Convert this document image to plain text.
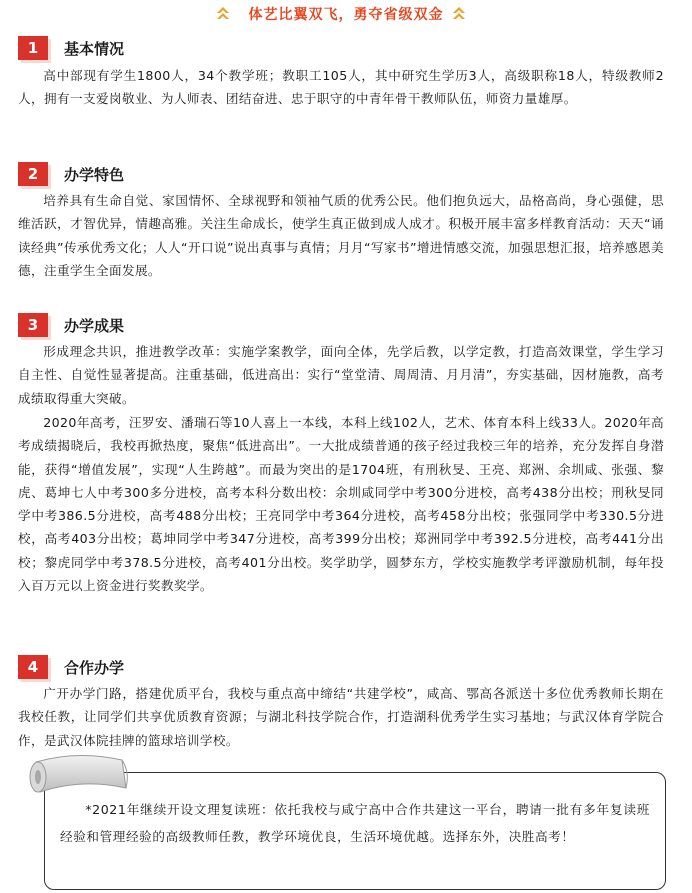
体艺比翼双飞，勇夺省级双金
1	基本情况
高中部现有学生1800人，34个教学班；教职工105人，其中研究生学历3人，高级职称18人，特级教师2人，拥有一支爱岗敬业、为人师表、团结奋进、忠于职守的中青年骨干教师队伍，师资力量雄厚。
2	办学特色
培养具有生命自觉、家国情怀、全球视野和领袖气质的优秀公民。他们抱负远大，品格高尚，身心强健，思维活跃，才智优异，情趣高雅。关注生命成长，使学生真正做到成人成才。积极开展丰富多样教育活动：天天“诵读经典”传承优秀文化；人人“开口说”说出真事与真情；月月“写家书”增进情感交流，加强思想汇报，培养感恩美德，注重学生全面发展。
3	办学成果
形成理念共识，推进教学改革：实施学案教学，面向全体，先学后教，以学定教，打造高效课堂，学生学习自主性、自觉性显著提高。注重基础，低进高出：实行“堂堂清、周周清、月月清”，夯实基础，因材施教，高考成绩取得重大突破。
2020年高考，汪罗安、潘瑞石等10人喜上一本线，本科上线102人，艺术、体育本科上线33人。2020年高考成绩揭晓后，我校再掀热度，聚焦“低进高出”。一大批成绩普通的孩子经过我校三年的培养，充分发挥自身潜能，获得“增值发展”，实现“人生跨越”。而最为突出的是1704班，有刑秋旻、王亮、郑洲、余圳咸、张强、黎虎、葛坤七人中考300多分进校，高考本科分数出校：余圳咸同学中考300分进校，高考438分出校；刑秋旻同学中考386.5分进校，高考488分出校；王亮同学中考364分进校，高考458分出校；张强同学中考330.5分进校，高考403分出校；葛坤同学中考347分进校，高考399分出校；郑洲同学中考392.5分进校，高考441分出校；黎虎同学中考378.5分进校，高考401分出校。奖学助学，圆梦东方，学校实施教学考评激励机制，每年投入百万元以上资金进行奖教奖学。
4	合作办学
广开办学门路，搭建优质平台，我校与重点高中缔结“共建学校”，咸高、鄂高各派送十多位优秀教师长期在我校任教，让同学们共享优质教育资源；与湖北科技学院合作，打造湖科优秀学生实习基地；与武汉体育学院合作，是武汉体院挂牌的篮球培训学校。
*2021年继续开设文理复读班：依托我校与咸宁高中合作共建这一平台，聘请一批有多年复读班经验和管理经验的高级教师任教，教学环境优良，生活环境优越。选择东外，决胜高考！
